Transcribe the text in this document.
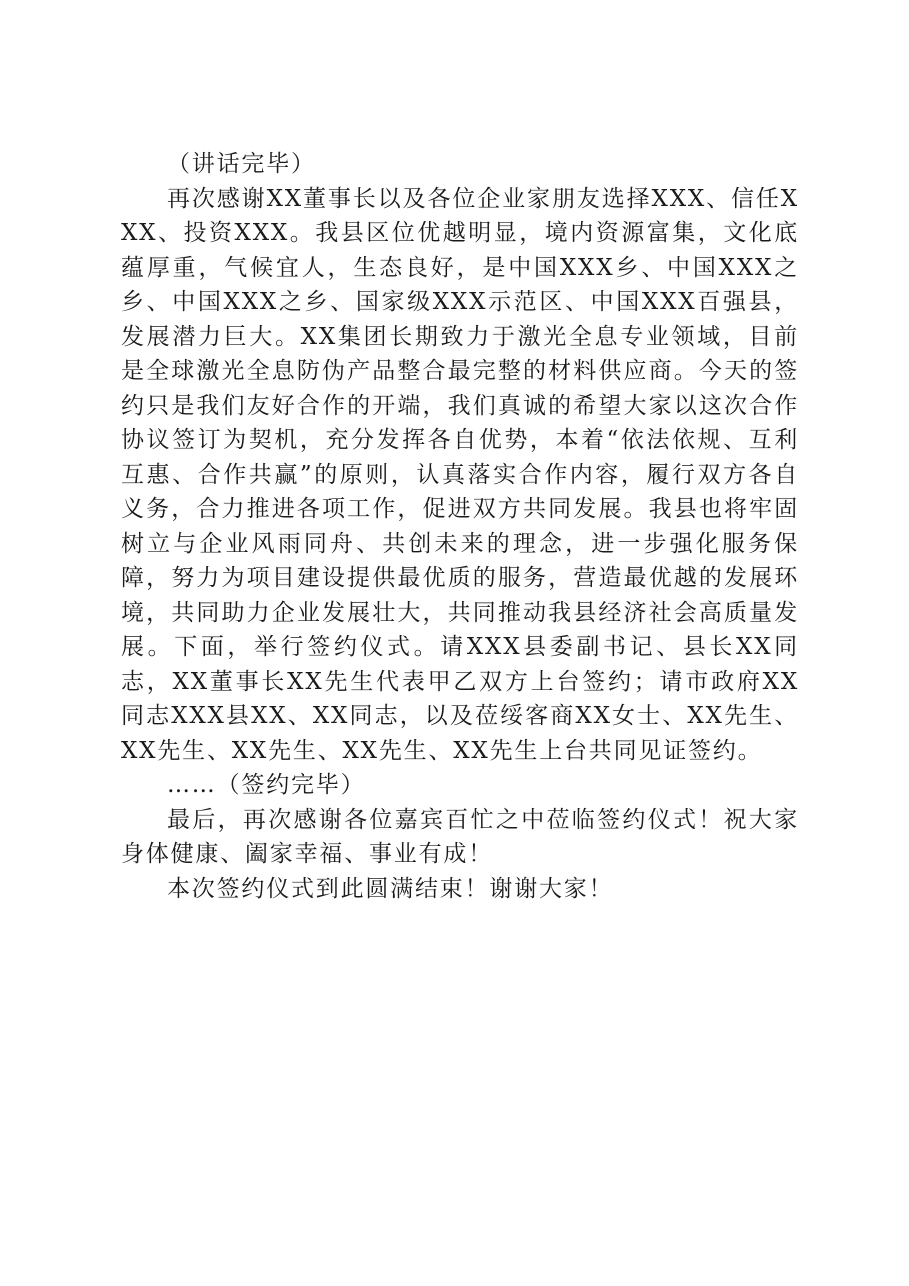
（讲话完毕）

再次感谢XX董事长以及各位企业家朋友选择XXX、信任XXX、投资XXX。我县区位优越明显，境内资源富集，文化底蕴厚重，气候宜人，生态良好，是中国XXX乡、中国XXX之乡、中国XXX之乡、国家级XXX示范区、中国XXX百强县，发展潜力巨大。XX集团长期致力于激光全息专业领域，目前是全球激光全息防伪产品整合最完整的材料供应商。今天的签约只是我们友好合作的开端，我们真诚的希望大家以这次合作协议签订为契机，充分发挥各自优势，本着“依法依规、互利互惠、合作共赢”的原则，认真落实合作内容，履行双方各自义务，合力推进各项工作，促进双方共同发展。我县也将牢固树立与企业风雨同舟、共创未来的理念，进一步强化服务保障，努力为项目建设提供最优质的服务，营造最优越的发展环境，共同助力企业发展壮大，共同推动我县经济社会高质量发展。下面，举行签约仪式。请XXX县委副书记、县长XX同志，XX董事长XX先生代表甲乙双方上台签约；请市政府XX同志XXX县XX、XX同志，以及莅绥客商XX女士、XX先生、XX先生、XX先生、XX先生、XX先生上台共同见证签约。

……（签约完毕）

最后，再次感谢各位嘉宾百忙之中莅临签约仪式！祝大家身体健康、阖家幸福、事业有成！

本次签约仪式到此圆满结束！谢谢大家！
